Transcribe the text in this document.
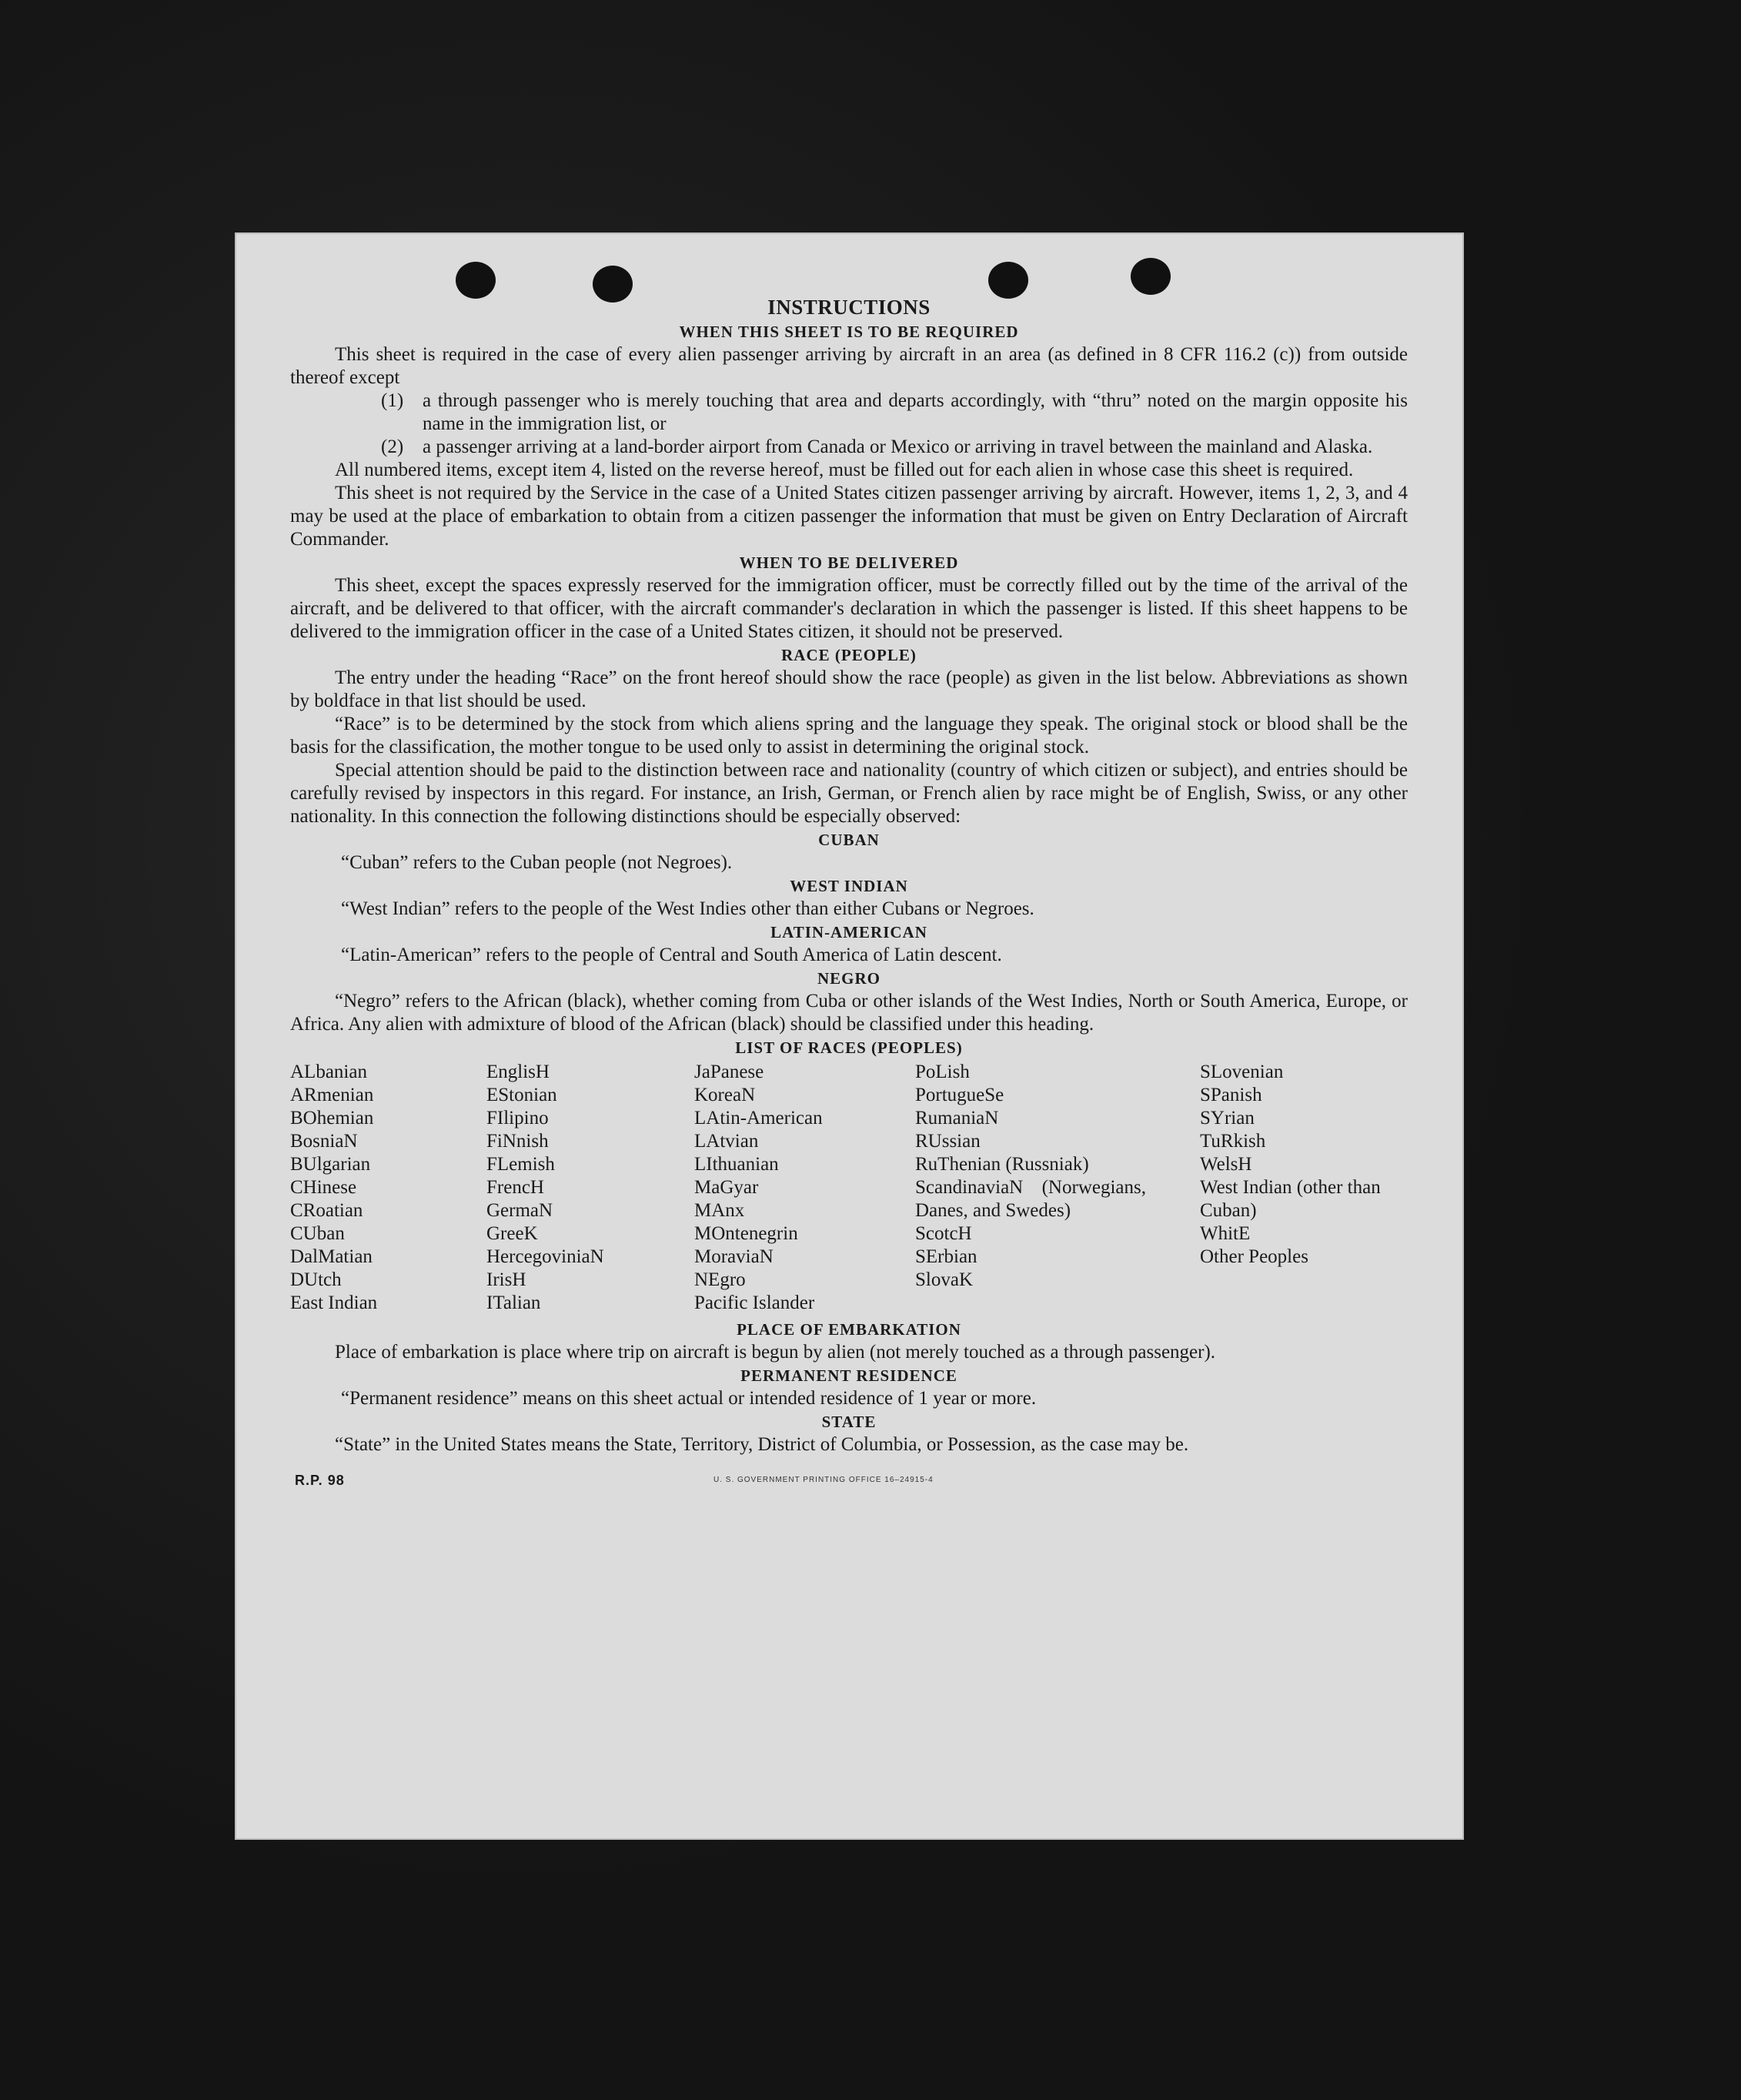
INSTRUCTIONS
WHEN THIS SHEET IS TO BE REQUIRED

This sheet is required in the case of every alien passenger arriving by aircraft in an area (as defined in 8 CFR 116.2 (c)) from outside thereof except

(1) a through passenger who is merely touching that area and departs accordingly, with “thru” noted on the margin opposite his name in the immigration list, or
(2) a passenger arriving at a land-border airport from Canada or Mexico or arriving in travel between the mainland and Alaska.

All numbered items, except item 4, listed on the reverse hereof, must be filled out for each alien in whose case this sheet is required.

This sheet is not required by the Service in the case of a United States citizen passenger arriving by aircraft. However, items 1, 2, 3, and 4 may be used at the place of embarkation to obtain from a citizen passenger the information that must be given on Entry Declaration of Aircraft Commander.

WHEN TO BE DELIVERED

This sheet, except the spaces expressly reserved for the immigration officer, must be correctly filled out by the time of the arrival of the aircraft, and be delivered to that officer, with the aircraft commander's declaration in which the passenger is listed. If this sheet happens to be delivered to the immigration officer in the case of a United States citizen, it should not be preserved.

RACE (PEOPLE)

The entry under the heading “Race” on the front hereof should show the race (people) as given in the list below. Abbreviations as shown by boldface in that list should be used.

“Race” is to be determined by the stock from which aliens spring and the language they speak. The original stock or blood shall be the basis for the classification, the mother tongue to be used only to assist in determining the original stock.

Special attention should be paid to the distinction between race and nationality (country of which citizen or subject), and entries should be carefully revised by inspectors in this regard. For instance, an Irish, German, or French alien by race might be of English, Swiss, or any other nationality. In this connection the following distinctions should be especially observed:

CUBAN

“Cuban” refers to the Cuban people (not Negroes).

WEST INDIAN

“West Indian” refers to the people of the West Indies other than either Cubans or Negroes.

LATIN-AMERICAN

“Latin-American” refers to the people of Central and South America of Latin descent.

NEGRO

“Negro” refers to the African (black), whether coming from Cuba or other islands of the West Indies, North or South America, Europe, or Africa. Any alien with admixture of blood of the African (black) should be classified under this heading.

LIST OF RACES (PEOPLES)
ALbanian
ARmenian
BOhemian
BosniaN
BUlgarian
CHinese
CRoatian
CUban
DalMatian
DUtch
East Indian
EnglisH
EStonian
FIlipino
FiNnish
FLemish
FrencH
GermaN
GreeK
HercegoviniaN
IrisH
ITalian
JaPanese
KoreaN
LAtin-American
LAtvian
LIthuanian
MaGyar
MAnx
MOntenegrin
MoraviaN
NEgro
Pacific Islander
PoLish
PortugueSe
RumaniaN
RUssian
RuThenian (Russniak)
ScandinaviaN (Norwegians, Danes, and Swedes)
ScotcH
SErbian
SlovaK
SLovenian
SPanish
SYrian
TuRkish
WelsH
West Indian (other than Cuban)
WhitE
Other Peoples
PLACE OF EMBARKATION

Place of embarkation is place where trip on aircraft is begun by alien (not merely touched as a through passenger).

PERMANENT RESIDENCE

“Permanent residence” means on this sheet actual or intended residence of 1 year or more.

STATE

“State” in the United States means the State, Territory, District of Columbia, or Possession, as the case may be.

R.P. 98	U. S. GOVERNMENT PRINTING OFFICE 16–24915-4
